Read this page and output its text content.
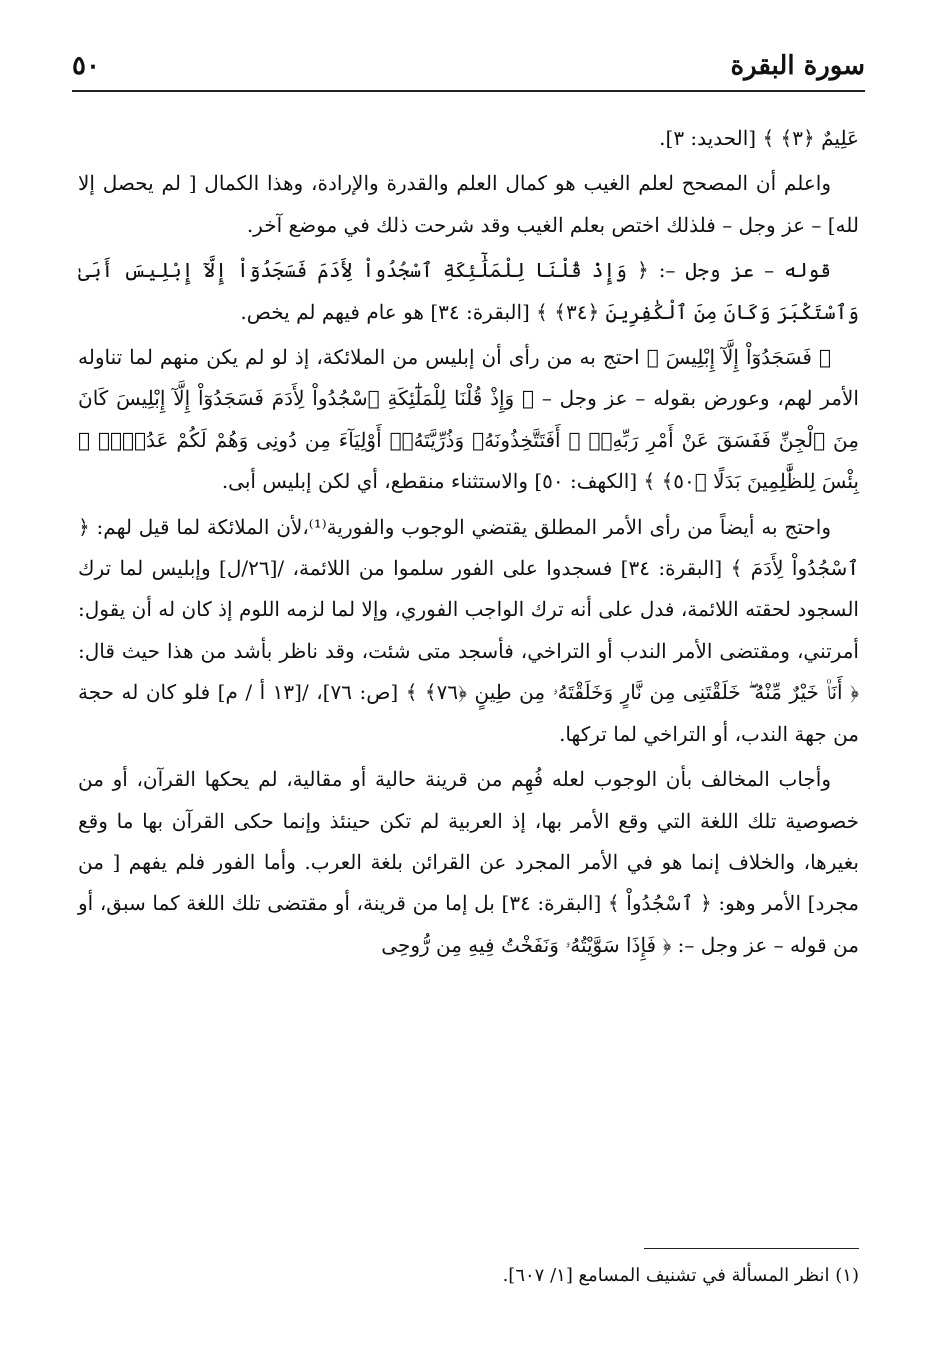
سورة البقرة
٥٠

عَلِيمٌ ﴿٣﴾ ﴾ [الحديد: ٣].

واعلم أن المصحح لعلم الغيب هو كمال العلم والقدرة والإرادة، وهذا الكمال [ لم يحصل إلا لله] – عز وجل – فلذلك اختص بعلم الغيب وقد شرحت ذلك في موضع آخر.

قوله – عز وجل –: ﴿ وَإِذْ قُلْنَا لِلْمَلَٰٓئِكَةِ ٱسْجُدُواْ لِأَدَمَ فَسَجَدُوٓاْ إِلَّآ إِبْلِيسَ أَبَىٰ وَٱسْتَكْبَرَ وَكَانَ مِنَ ٱلْكَٰفِرِينَ ﴿٣٤﴾ ﴾ [البقرة: ٣٤] هو عام فيهم لم يخص.

﴿ فَسَجَدُوٓاْ إِلَّآ إِبْلِيسَ ﴾ احتج به من رأى أن إبليس من الملائكة، إذ لو لم يكن منهم لما تناوله الأمر لهم، وعورض بقوله – عز وجل – ﴿ وَإِذْ قُلْنَا لِلْمَلَٰٓئِكَةِ ٱسْجُدُواْ لِأَدَمَ فَسَجَدُوٓاْ إِلَّآ إِبْلِيسَ كَانَ مِنَ ٱلْجِنِّ فَفَسَقَ عَنْ أَمْرِ رَبِّهِۦٓ ۗ أَفَتَتَّخِذُونَهُۥ وَذُرِّيَّتَهُۥٓ أَوْلِيَآءَ مِن دُونِى وَهُمْ لَكُمْ عَدُوٌّۢ ۚ بِئْسَ لِلظَّٰلِمِينَ بَدَلًا ﴿٥٠﴾ ﴾ [الكهف: ٥٠] والاستثناء منقطع، أي لكن إبليس أبى.

واحتج به أيضاً من رأى الأمر المطلق يقتضي الوجوب والفورية⁽¹⁾،لأن الملائكة لما قيل لهم: ﴿ ٱسْجُدُواْ لِأَدَمَ ﴾ [البقرة: ٣٤] فسجدوا على الفور سلموا من اللائمة، /[٢٦/ل] وإبليس لما ترك السجود لحقته اللائمة، فدل على أنه ترك الواجب الفوري، وإلا لما لزمه اللوم إذ كان له أن يقول: أمرتني، ومقتضى الأمر الندب أو التراخي، فأسجد متى شئت، وقد ناظر بأشد من هذا حيث قال: ﴿ أَنَا۠ خَيْرٌ مِّنْهُ ۖ خَلَقْتَنِى مِن نَّارٍ وَخَلَقْتَهُۥ مِن طِينٍ ﴿٧٦﴾ ﴾ [ص: ٧٦]، /[١٣ أ / م] فلو كان له حجة من جهة الندب، أو التراخي لما تركها.

وأجاب المخالف بأن الوجوب لعله فُهِم من قرينة حالية أو مقالية، لم يحكها القرآن، أو من خصوصية تلك اللغة التي وقع الأمر بها، إذ العربية لم تكن حينئذ وإنما حكى القرآن بها ما وقع بغيرها، والخلاف إنما هو في الأمر المجرد عن القرائن بلغة العرب. وأما الفور فلم يفهم [ من مجرد] الأمر وهو: ﴿ ٱسْجُدُواْ ﴾ [البقرة: ٣٤] بل إما من قرينة، أو مقتضى تلك اللغة كما سبق، أو من قوله – عز وجل –: ﴿ فَإِذَا سَوَّيْتُهُۥ وَنَفَخْتُ فِيهِ مِن رُّوحِى

(١) انظر المسألة في تشنيف المسامع [١/ ٦٠٧].
